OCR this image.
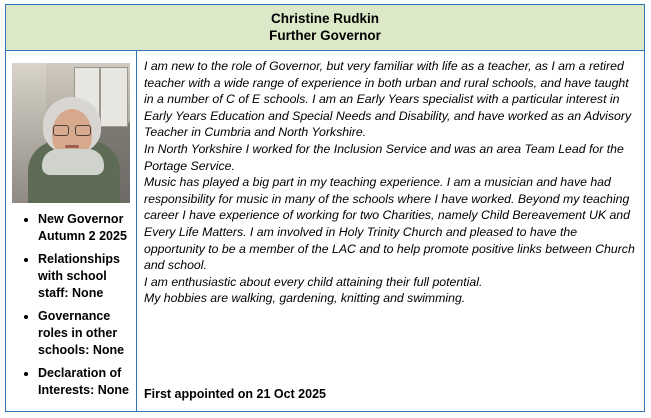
Christine Rudkin
Further Governor
• New Governor Autumn 2 2025
• Relationships with school staff: None
• Governance roles in other schools: None
• Declaration of Interests: None

I am new to the role of Governor, but very familiar with life as a teacher, as I am a retired teacher with a wide range of experience in both urban and rural schools, and have taught in a number of C of E schools. I am an Early Years specialist with a particular interest in Early Years Education and Special Needs and Disability, and have worked as an Advisory Teacher in Cumbria and North Yorkshire.

In North Yorkshire I worked for the Inclusion Service and was an area Team Lead for the Portage Service.

Music has played a big part in my teaching experience. I am a musician and have had responsibility for music in many of the schools where I have worked. Beyond my teaching career I have experience of working for two Charities, namely Child Bereavement UK and Every Life Matters. I am involved in Holy Trinity Church and pleased to have the opportunity to be a member of the LAC and to help promote positive links between Church and school.

I am enthusiastic about every child attaining their full potential.

My hobbies are walking, gardening, knitting and swimming.

First appointed on 21 Oct 2025
